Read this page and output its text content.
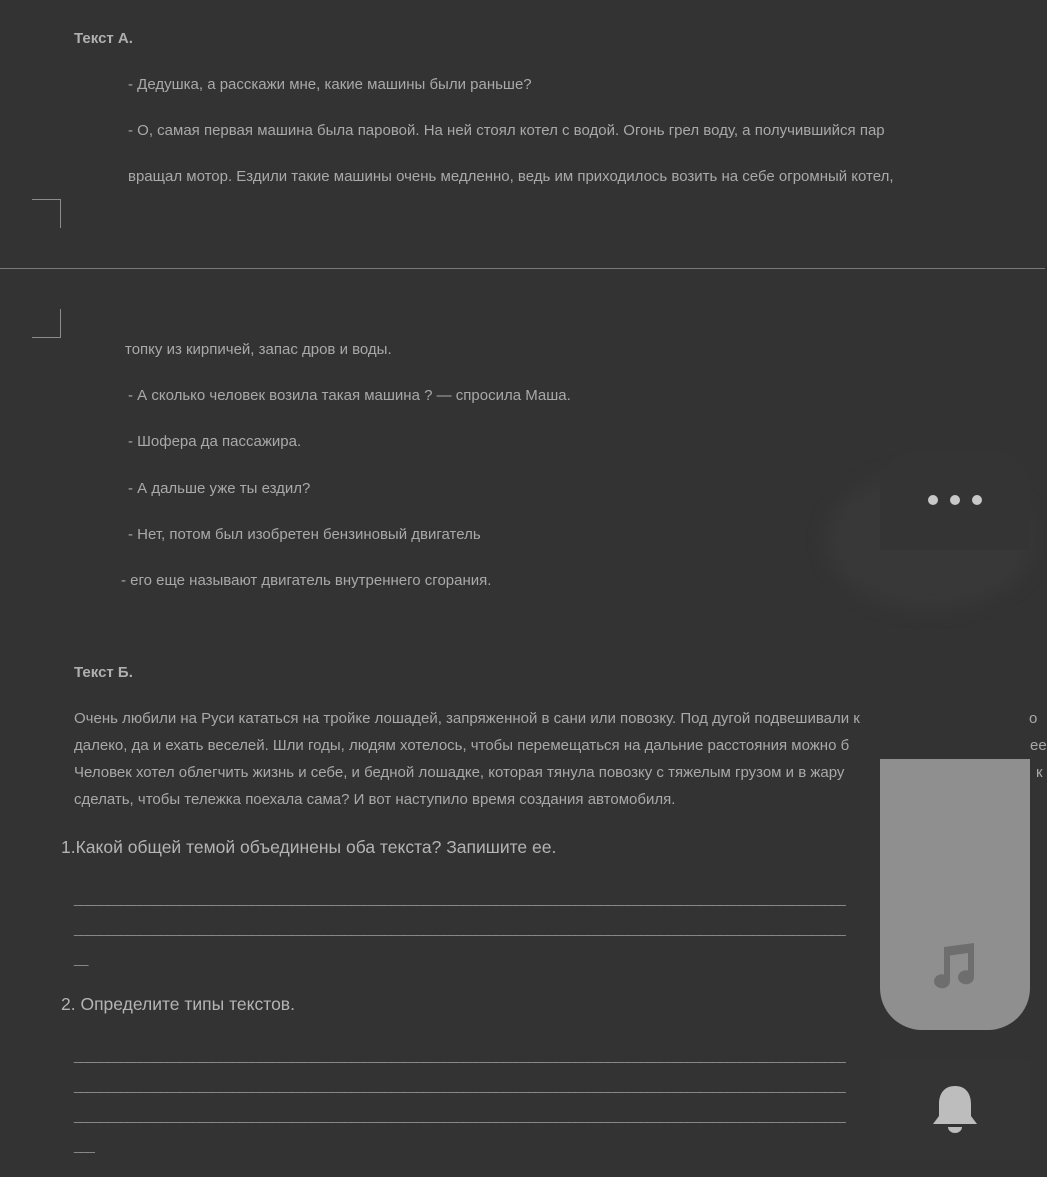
Текст А.
- Дедушка, а расскажи мне, какие машины были раньше?
- О, самая первая машина была паровой. На ней стоял котел с водой. Огонь грел воду, а получившийся пар
вращал мотор. Ездили такие машины очень медленно, ведь им приходилось возить на себе огромный котел,
топку из кирпичей, запас дров и воды.
- А сколько человек возила такая машина ? — спросила Маша.
- Шофера да пассажира.
- А дальше уже ты ездил?
- Нет, потом был изобретен бензиновый двигатель
- его еще называют двигатель внутреннего сгорания.
Текст Б.
Очень любили на Руси кататься на тройке лошадей, запряженной в сани или повозку. Под дугой подвешивали к
далеко, да и ехать веселей. Шли годы, людям хотелось, чтобы перемещаться на дальние расстояния можно б
Человек хотел облегчить жизнь и себе, и бедной лошадке, которая тянула повозку с тяжелым грузом и в жару
сделать, чтобы тележка поехала сама? И вот наступило время создания автомобиля.
о
ее
к
1.Какой общей темой объединены оба текста? Запишите ее.
_____________________________________________________________________________________________________________________
_____________________________________________________________________________________________________________________
__
2. Определите типы текстов.
_____________________________________________________________________________________________________________________
_____________________________________________________________________________________________________________________
_____________________________________________________________________________________________________________________
___
